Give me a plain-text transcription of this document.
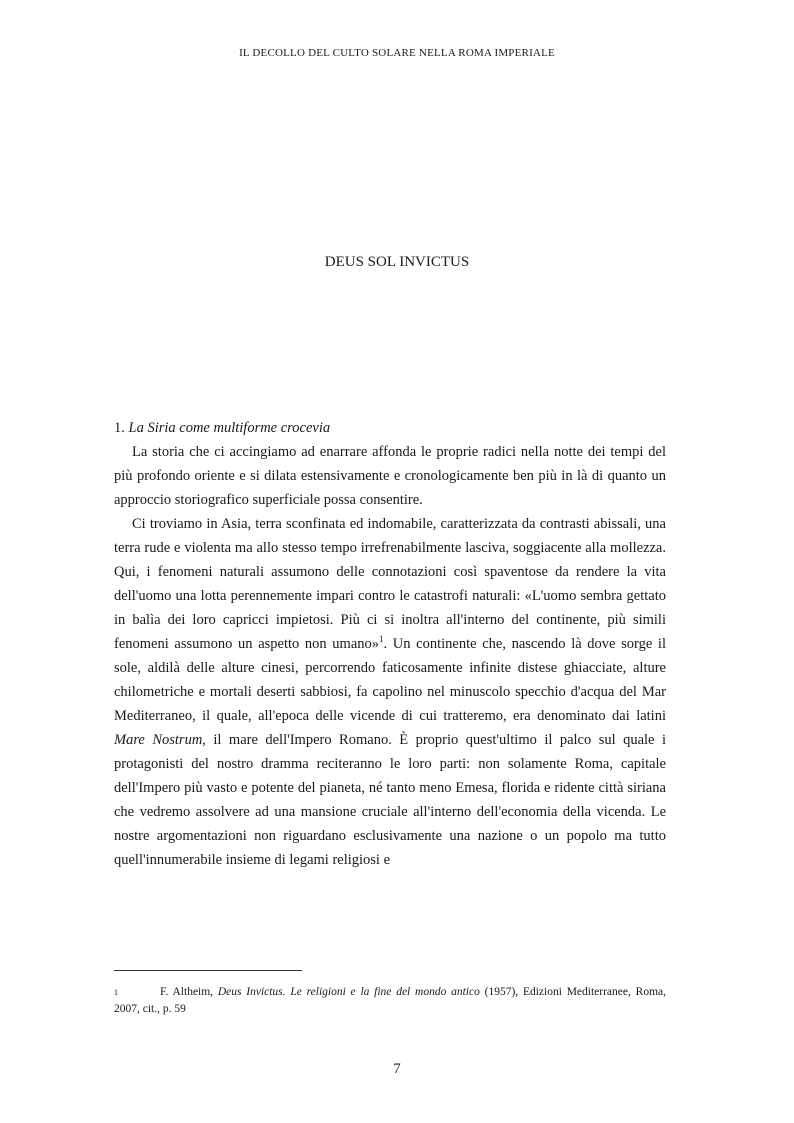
IL DECOLLO DEL CULTO SOLARE NELLA ROMA IMPERIALE
DEUS SOL INVICTUS

1. La Siria come multiforme crocevia

La storia che ci accingiamo ad enarrare affonda le proprie radici nella notte dei tempi del più profondo oriente e si dilata estensivamente e cronologicamente ben più in là di quanto un approccio storiografico superficiale possa consentire.

Ci troviamo in Asia, terra sconfinata ed indomabile, caratterizzata da contrasti abissali, una terra rude e violenta ma allo stesso tempo irrefrenabilmente lasciva, soggiacente alla mollezza. Qui, i fenomeni naturali assumono delle connotazioni così spaventose da rendere la vita dell'uomo una lotta perennemente impari contro le catastrofi naturali: «L'uomo sembra gettato in balìa dei loro capricci impietosi. Più ci si inoltra all'interno del continente, più simili fenomeni assumono un aspetto non umano»$^1$. Un continente che, nascendo là dove sorge il sole, aldilà delle alture cinesi, percorrendo faticosamente infinite distese ghiacciate, alture chilometriche e mortali deserti sabbiosi, fa capolino nel minuscolo specchio d'acqua del Mar Mediterraneo, il quale, all'epoca delle vicende di cui tratteremo, era denominato dai latini Mare Nostrum, il mare dell'Impero Romano. È proprio quest'ultimo il palco sul quale i protagonisti del nostro dramma reciteranno le loro parti: non solamente Roma, capitale dell'Impero più vasto e potente del pianeta, né tanto meno Emesa, florida e ridente città siriana che vedremo assolvere ad una mansione cruciale all'interno dell'economia della vicenda. Le nostre argomentazioni non riguardano esclusivamente una nazione o un popolo ma tutto quell'innumerabile insieme di legami religiosi e

1	F. Altheim, Deus Invictus. Le religioni e la fine del mondo antico (1957), Edizioni Mediterranee, Roma, 2007, cit., p. 59
7
